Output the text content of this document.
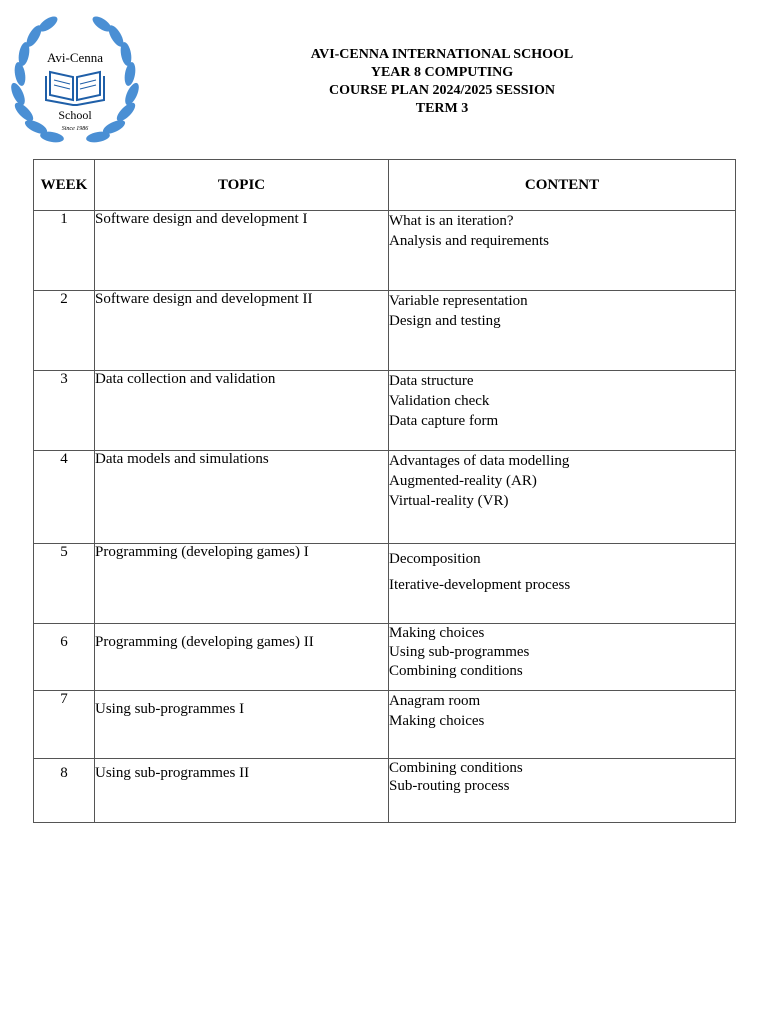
Avi-Cenna
School
Since 1986
AVI-CENNA INTERNATIONAL SCHOOL
YEAR 8 COMPUTING
COURSE PLAN 2024/2025 SESSION
TERM 3
WEEK	TOPIC	CONTENT
1	Software design and development I	What is an iteration?
Analysis and requirements

2	Software design and development II	Variable representation
Design and testing

3	Data collection and validation	Data structure
Validation check
Data capture form

4	Data models and simulations	Advantages of data modelling
Augmented-reality (AR)
Virtual-reality (VR)

5	Programming (developing games) I	Decomposition
Iterative-development process

6	Programming (developing games) II	Making choices
Using sub-programmes
Combining conditions

7	Using sub-programmes I	Anagram room
Making choices

8	Using sub-programmes II	Combining conditions
Sub-routing process
